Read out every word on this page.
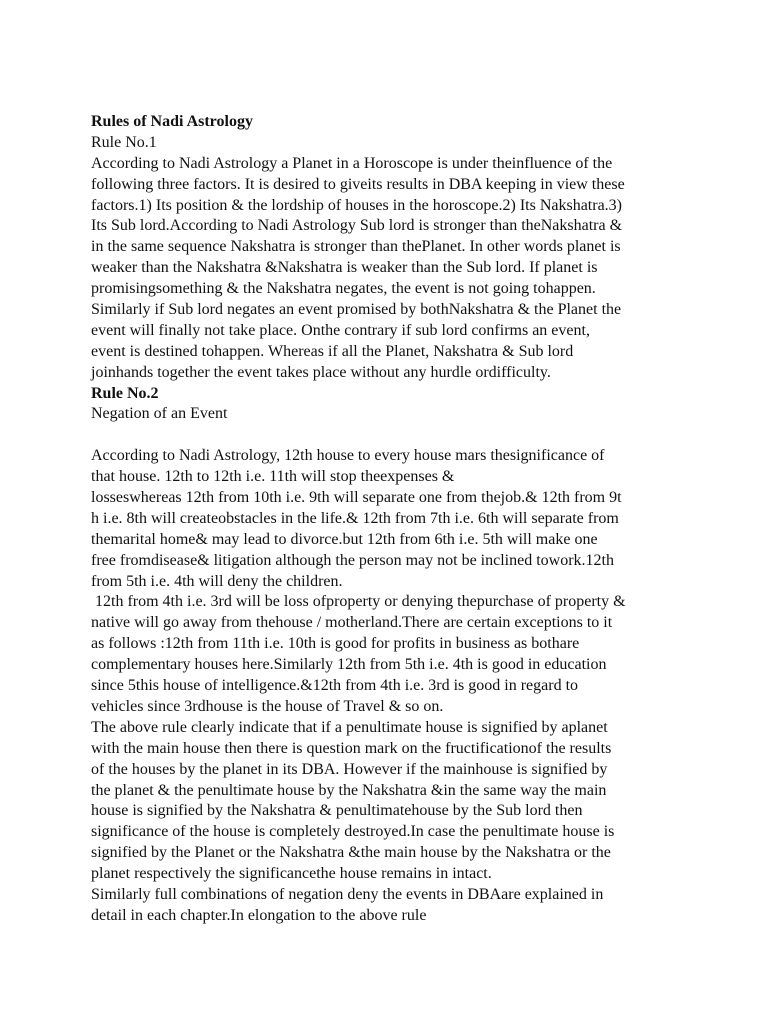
Rules of Nadi Astrology
Rule No.1
According to Nadi Astrology a Planet in a Horoscope is under theinfluence of the
following three factors. It is desired to giveits results in DBA keeping in view these
factors.1) Its position & the lordship of houses in the horoscope.2) Its Nakshatra.3)
Its Sub lord.According to Nadi Astrology Sub lord is stronger than theNakshatra &
in the same sequence Nakshatra is stronger than thePlanet. In other words planet is
weaker than the Nakshatra &Nakshatra is weaker than the Sub lord. If planet is
promisingsomething & the Nakshatra negates, the event is not going tohappen.
Similarly if Sub lord negates an event promised by bothNakshatra & the Planet the
event will finally not take place. Onthe contrary if sub lord confirms an event,
event is destined tohappen. Whereas if all the Planet, Nakshatra & Sub lord
joinhands together the event takes place without any hurdle ordifficulty.
Rule No.2
Negation of an Event
According to Nadi Astrology, 12th house to every house mars thesignificance of
that house. 12th to 12th i.e. 11th will stop theexpenses &
losseswhereas 12th from 10th i.e. 9th will separate one from thejob.& 12th from 9t
h i.e. 8th will createobstacles in the life.& 12th from 7th i.e. 6th will separate from
themarital home& may lead to divorce.but 12th from 6th i.e. 5th will make one
free fromdisease& litigation although the person may not be inclined towork.12th
from 5th i.e. 4th will deny the children.
12th from 4th i.e. 3rd will be loss ofproperty or denying thepurchase of property &
native will go away from thehouse / motherland.There are certain exceptions to it
as follows :12th from 11th i.e. 10th is good for profits in business as bothare
complementary houses here.Similarly 12th from 5th i.e. 4th is good in education
since 5this house of intelligence.&12th from 4th i.e. 3rd is good in regard to
vehicles since 3rdhouse is the house of Travel & so on.
The above rule clearly indicate that if a penultimate house is signified by aplanet
with the main house then there is question mark on the fructificationof the results
of the houses by the planet in its DBA. However if the mainhouse is signified by
the planet & the penultimate house by the Nakshatra &in the same way the main
house is signified by the Nakshatra & penultimatehouse by the Sub lord then
significance of the house is completely destroyed.In case the penultimate house is
signified by the Planet or the Nakshatra &the main house by the Nakshatra or the
planet respectively the significancethe house remains in intact.
Similarly full combinations of negation deny the events in DBAare explained in
detail in each chapter.In elongation to the above rule
